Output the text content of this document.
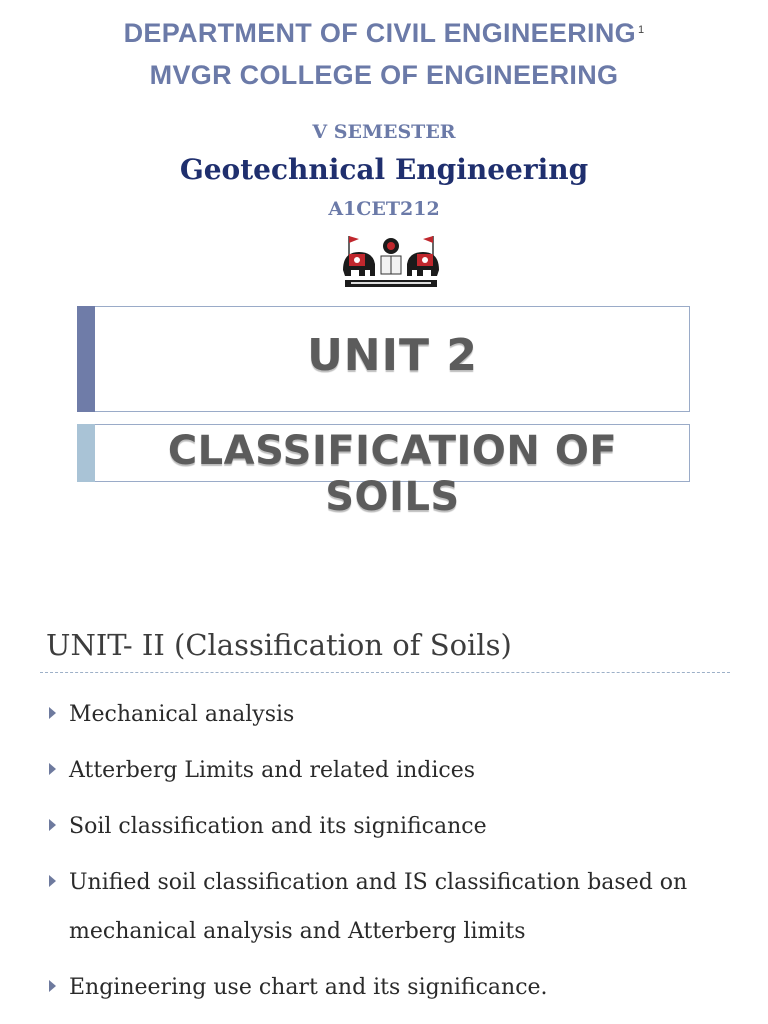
DEPARTMENT OF CIVIL ENGINEERING $^1$
MVGR COLLEGE OF ENGINEERING
V SEMESTER
Geotechnical Engineering
A1CET212
UNIT 2
CLASSIFICATION OF SOILS
UNIT- II (Classification of Soils)
Mechanical analysis
Atterberg Limits and related indices
Soil classification and its significance
Unified soil classification and IS classification based on mechanical analysis and Atterberg limits
Engineering use chart and its significance.
